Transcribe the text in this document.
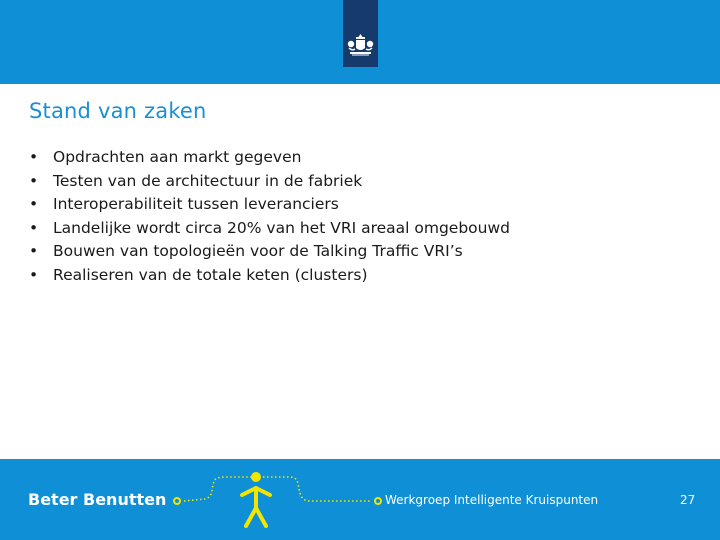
Stand van zaken
• Opdrachten aan markt gegeven
• Testen van de architectuur in de fabriek
• Interoperabiliteit tussen leveranciers
• Landelijke wordt circa 20% van het VRI areaal omgebouwd
• Bouwen van topologieën voor de Talking Traffic VRI’s
• Realiseren van de totale keten (clusters)
Beter Benutten	Werkgroep Intelligente Kruispunten	27
